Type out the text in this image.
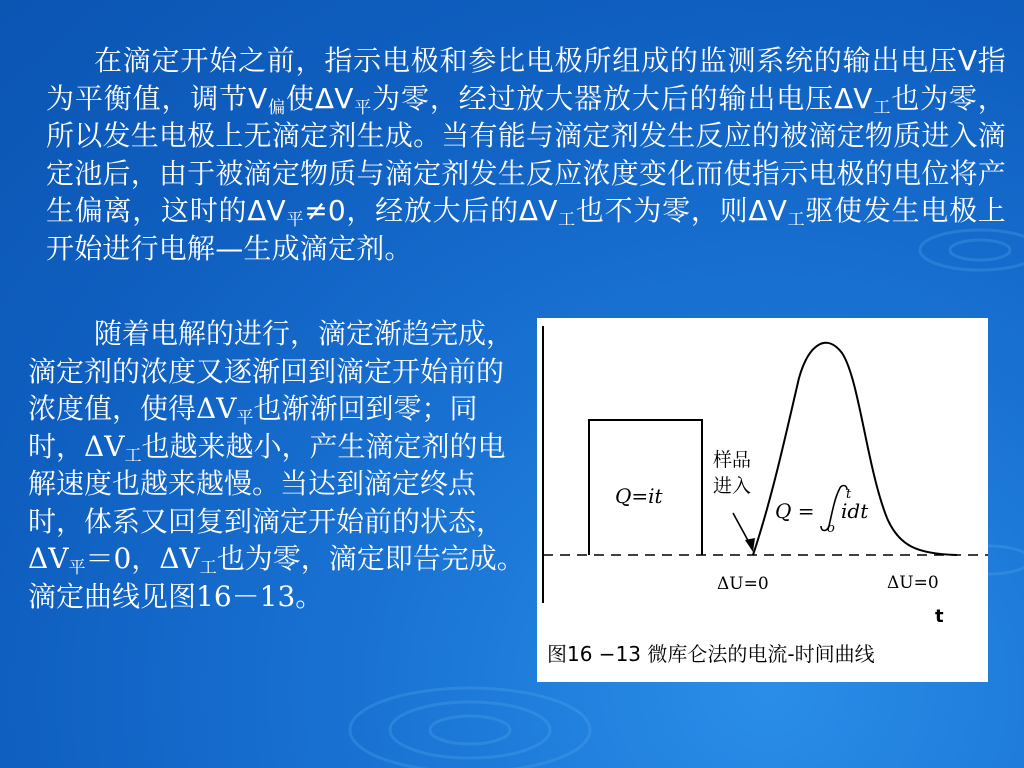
在滴定开始之前，指示电极和参比电极所组成的监测系统的输出电压V指为平衡值，调节$V_偏$使$\Delta V_平$为零，经过放大器放大后的输出电压$\Delta V_工$也为零，所以发生电极上无滴定剂生成。当有能与滴定剂发生反应的被滴定物质进入滴定池后，由于被滴定物质与滴定剂发生反应浓度变化而使指示电极的电位将产生偏离，这时的$\Delta V_平\ne 0$，经放大后的$\Delta V_工$也不为零，则$\Delta V_工$驱使发生电极上开始进行电解—生成滴定剂。
随着电解的进行，滴定渐趋完成，滴定剂的浓度又逐渐回到滴定开始前的浓度值，使得$\Delta V_平$也渐渐回到零；同时，$\Delta V_工$也越来越小，产生滴定剂的电解速度也越来越慢。当达到滴定终点时，体系又回复到滴定开始前的状态，$\Delta V_平=0$，$\Delta V_工$也为零，滴定即告完成。滴定曲线见图16－13。
Q=it
样品
进入
Q =
t
o
idt
ΔU=0	ΔU=0
t
图16 −13 微库仑法的电流-时间曲线
